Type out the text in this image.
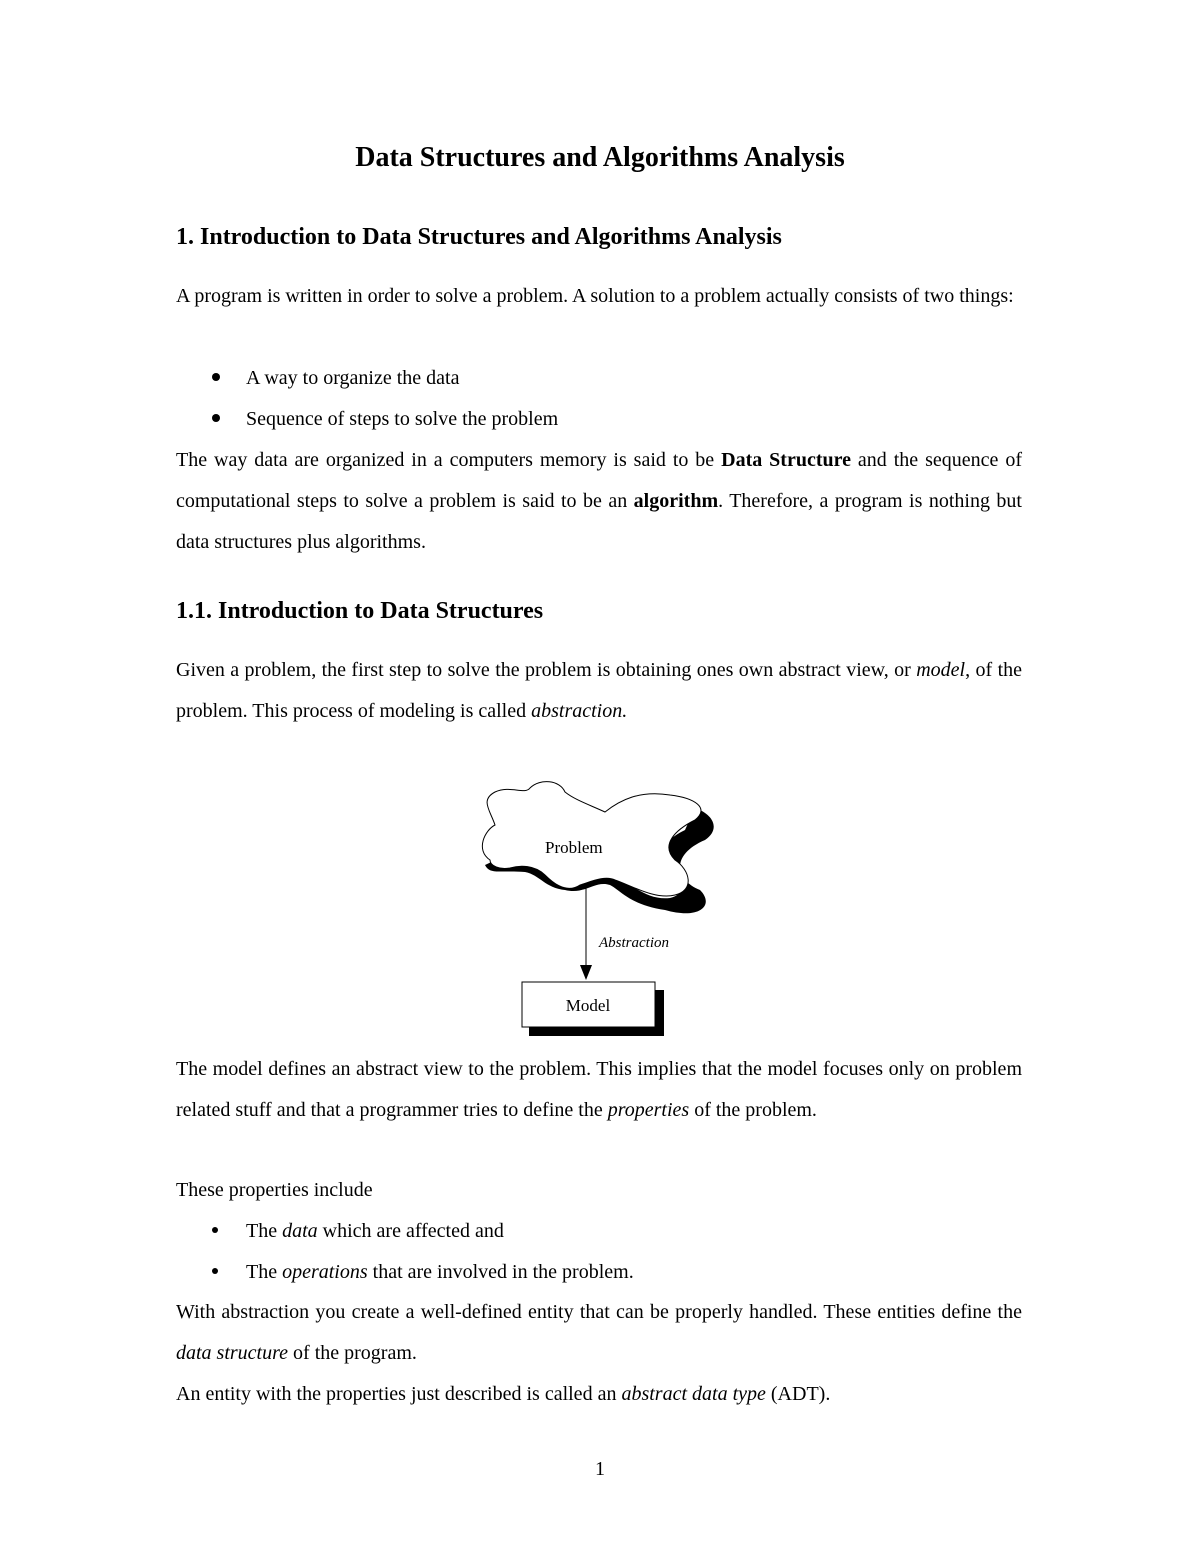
Data Structures and Algorithms Analysis
1. Introduction to Data Structures and Algorithms Analysis
A program is written in order to solve a problem. A solution to a problem actually consists of two things:
A way to organize the data
Sequence of steps to solve the problem
The way data are organized in a computers memory is said to be Data Structure and the sequence of computational steps to solve a problem is said to be an algorithm. Therefore, a program is nothing but data structures plus algorithms.
1.1. Introduction to Data Structures
Given a problem, the first step to solve the problem is obtaining ones own abstract view, or model, of the problem. This process of modeling is called abstraction.
Problem
Abstraction
Model
The model defines an abstract view to the problem. This implies that the model focuses only on problem related stuff and that a programmer tries to define the properties of the problem.
These properties include
The data which are affected and
The operations that are involved in the problem.
With abstraction you create a well-defined entity that can be properly handled. These entities define the data structure of the program.
An entity with the properties just described is called an abstract data type (ADT).
1
